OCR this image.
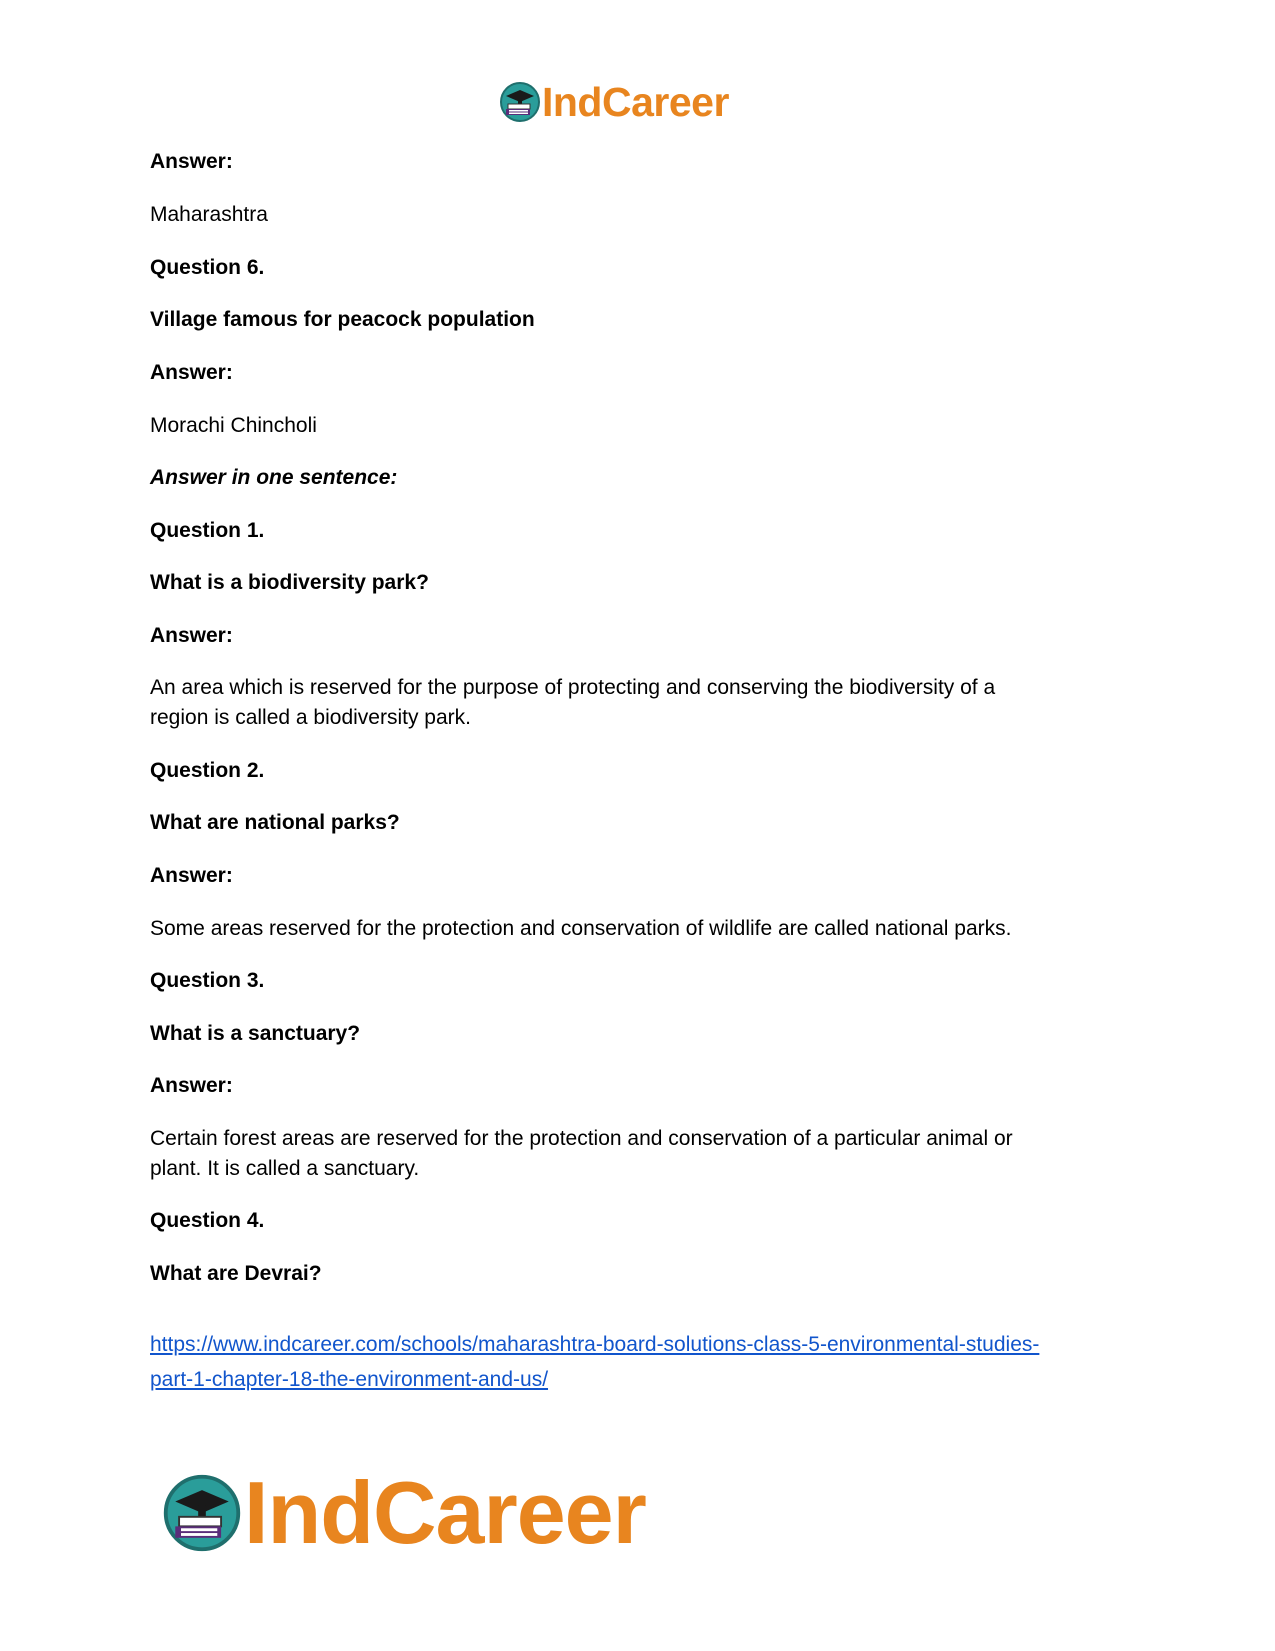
IndCareer
Answer:
Maharashtra
Question 6.
Village famous for peacock population
Answer:
Morachi Chincholi
Answer in one sentence:
Question 1.
What is a biodiversity park?
Answer:
An area which is reserved for the purpose of protecting and conserving the biodiversity of a
region is called a biodiversity park.
Question 2.
What are national parks?
Answer:
Some areas reserved for the protection and conservation of wildlife are called national parks.
Question 3.
What is a sanctuary?
Answer:
Certain forest areas are reserved for the protection and conservation of a particular animal or
plant. It is called a sanctuary.
Question 4.
What are Devrai?
https://www.indcareer.com/schools/maharashtra-board-solutions-class-5-environmental-studies-
part-1-chapter-18-the-environment-and-us/
IndCareer
